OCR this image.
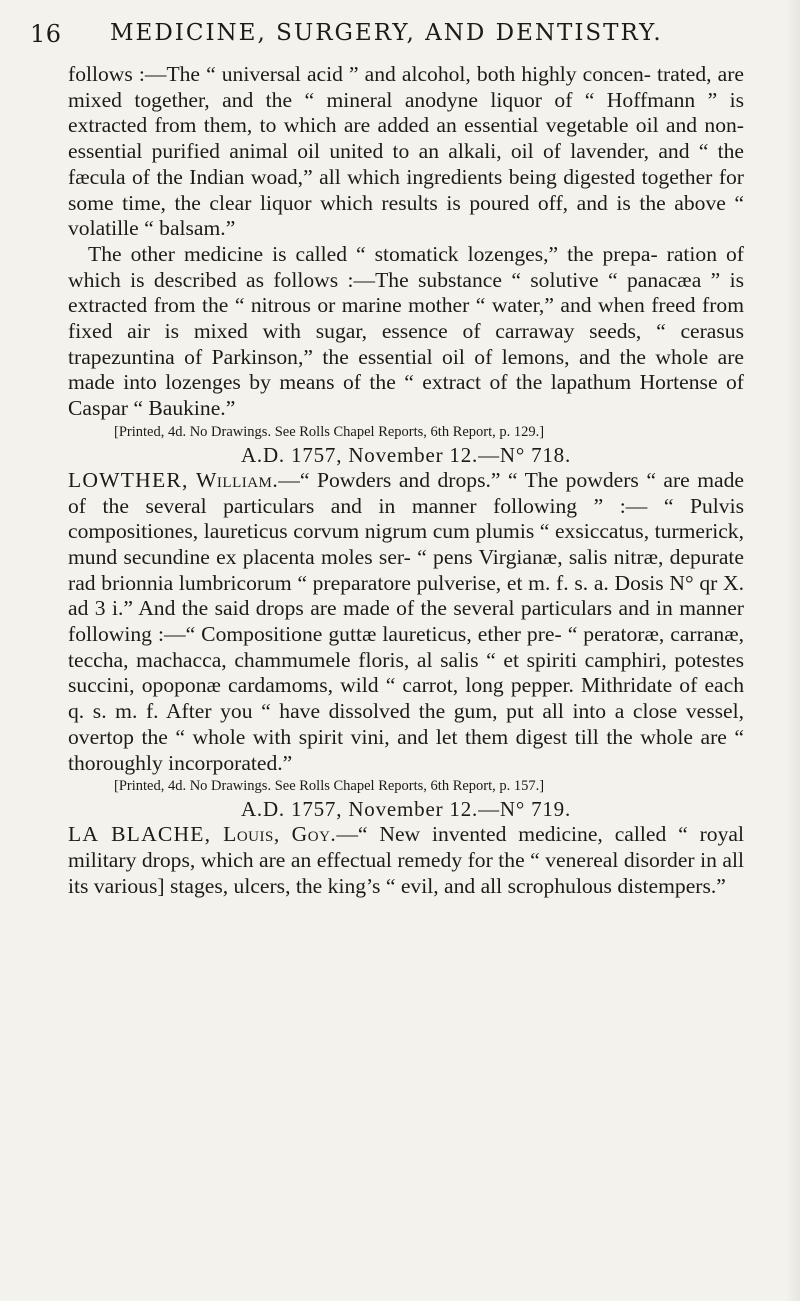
16 MEDICINE, SURGERY, AND DENTISTRY.

follows :—The “ universal acid ” and alcohol, both highly concen- trated, are mixed together, and the “ mineral anodyne liquor of “ Hoffmann ” is extracted from them, to which are added an essential vegetable oil and non-essential purified animal oil united to an alkali, oil of lavender, and “ the fæcula of the Indian woad,” all which ingredients being digested together for some time, the clear liquor which results is poured off, and is the above “ volatille “ balsam.”

The other medicine is called “ stomatick lozenges,” the prepa- ration of which is described as follows :—The substance “ solutive “ panacæa ” is extracted from the “ nitrous or marine mother “ water,” and when freed from fixed air is mixed with sugar, essence of carraway seeds, “ cerasus trapezuntina of Parkinson,” the essential oil of lemons, and the whole are made into lozenges by means of the “ extract of the lapathum Hortense of Caspar “ Baukine.”

[Printed, 4d. No Drawings. See Rolls Chapel Reports, 6th Report, p. 129.]

A.D. 1757, November 12.—N° 718.

LOWTHER, William.—“ Powders and drops.” “ The powders “ are made of the several particulars and in manner following ” :— “ Pulvis compositiones, laureticus corvum nigrum cum plumis “ exsiccatus, turmerick, mund secundine ex placenta moles ser- “ pens Virgianæ, salis nitræ, depurate rad brionnia lumbricorum “ preparatore pulverise, et m. f. s. a. Dosis N° qr X. ad 3 i.” And the said drops are made of the several particulars and in manner following :—“ Compositione guttæ laureticus, ether pre- “ peratoræ, carranæ, teccha, machacca, chammumele floris, al salis “ et spiriti camphiri, potestes succini, opoponæ cardamoms, wild “ carrot, long pepper. Mithridate of each q. s. m. f. After you “ have dissolved the gum, put all into a close vessel, overtop the “ whole with spirit vini, and let them digest till the whole are “ thoroughly incorporated.”

[Printed, 4d. No Drawings. See Rolls Chapel Reports, 6th Report, p. 157.]

A.D. 1757, November 12.—N° 719.

LA BLACHE, Louis, Goy.—“ New invented medicine, called “ royal military drops, which are an effectual remedy for the “ venereal disorder in all its various] stages, ulcers, the king’s “ evil, and all scrophulous distempers.”
